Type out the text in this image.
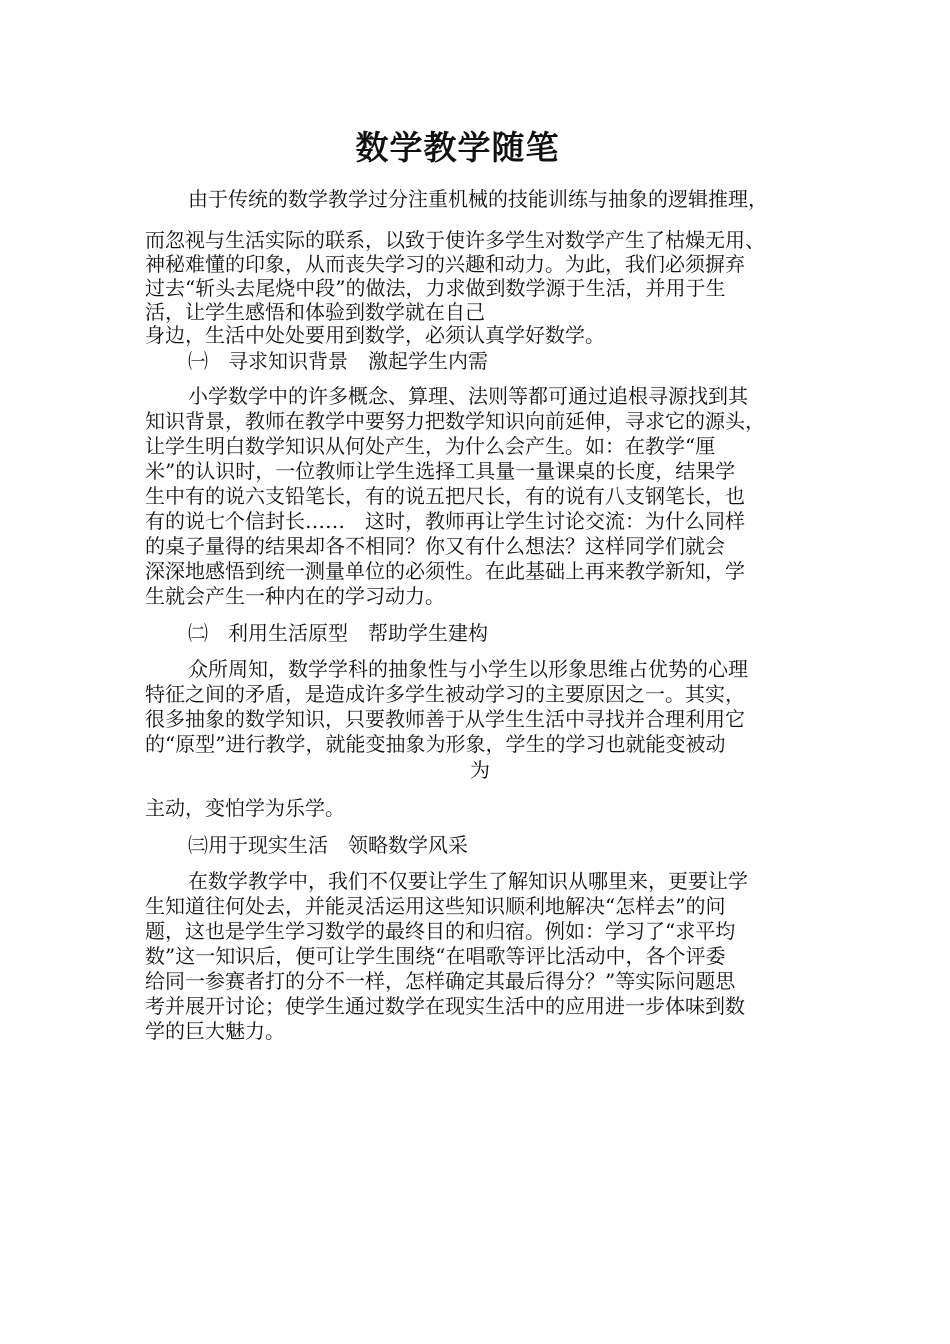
数学教学随笔
由于传统的数学教学过分注重机械的技能训练与抽象的逻辑推理，
而忽视与生活实际的联系，以致于使许多学生对数学产生了枯燥无用、
神秘难懂的印象，从而丧失学习的兴趣和动力。为此，我们必须摒弃
过去“斩头去尾烧中段”的做法，力求做到数学源于生活，并用于生
活，让学生感悟和体验到数学就在自己
身边，生活中处处要用到数学，必须认真学好数学。
㈠　寻求知识背景　激起学生内需
小学数学中的许多概念、算理、法则等都可通过追根寻源找到其
知识背景，教师在教学中要努力把数学知识向前延伸，寻求它的源头，
让学生明白数学知识从何处产生，为什么会产生。如：在教学“厘
米”的认识时，一位教师让学生选择工具量一量课桌的长度，结果学
生中有的说六支铅笔长，有的说五把尺长，有的说有八支钢笔长，也
有的说七个信封长……　这时，教师再让学生讨论交流：为什么同样
的桌子量得的结果却各不相同？你又有什么想法？这样同学们就会
深深地感悟到统一测量单位的必须性。在此基础上再来教学新知，学
生就会产生一种内在的学习动力。
㈡　利用生活原型　帮助学生建构
众所周知，数学学科的抽象性与小学生以形象思维占优势的心理
特征之间的矛盾，是造成许多学生被动学习的主要原因之一。其实，
很多抽象的数学知识，只要教师善于从学生生活中寻找并合理利用它
的“原型”进行教学，就能变抽象为形象，学生的学习也就能变被动
为
主动，变怕学为乐学。
㈢用于现实生活　领略数学风采
在数学教学中，我们不仅要让学生了解知识从哪里来，更要让学
生知道往何处去，并能灵活运用这些知识顺利地解决“怎样去”的问
题，这也是学生学习数学的最终目的和归宿。例如：学习了“求平均
数”这一知识后，便可让学生围绕“在唱歌等评比活动中，各个评委
给同一参赛者打的分不一样，怎样确定其最后得分？”等实际问题思
考并展开讨论；使学生通过数学在现实生活中的应用进一步体味到数
学的巨大魅力。
